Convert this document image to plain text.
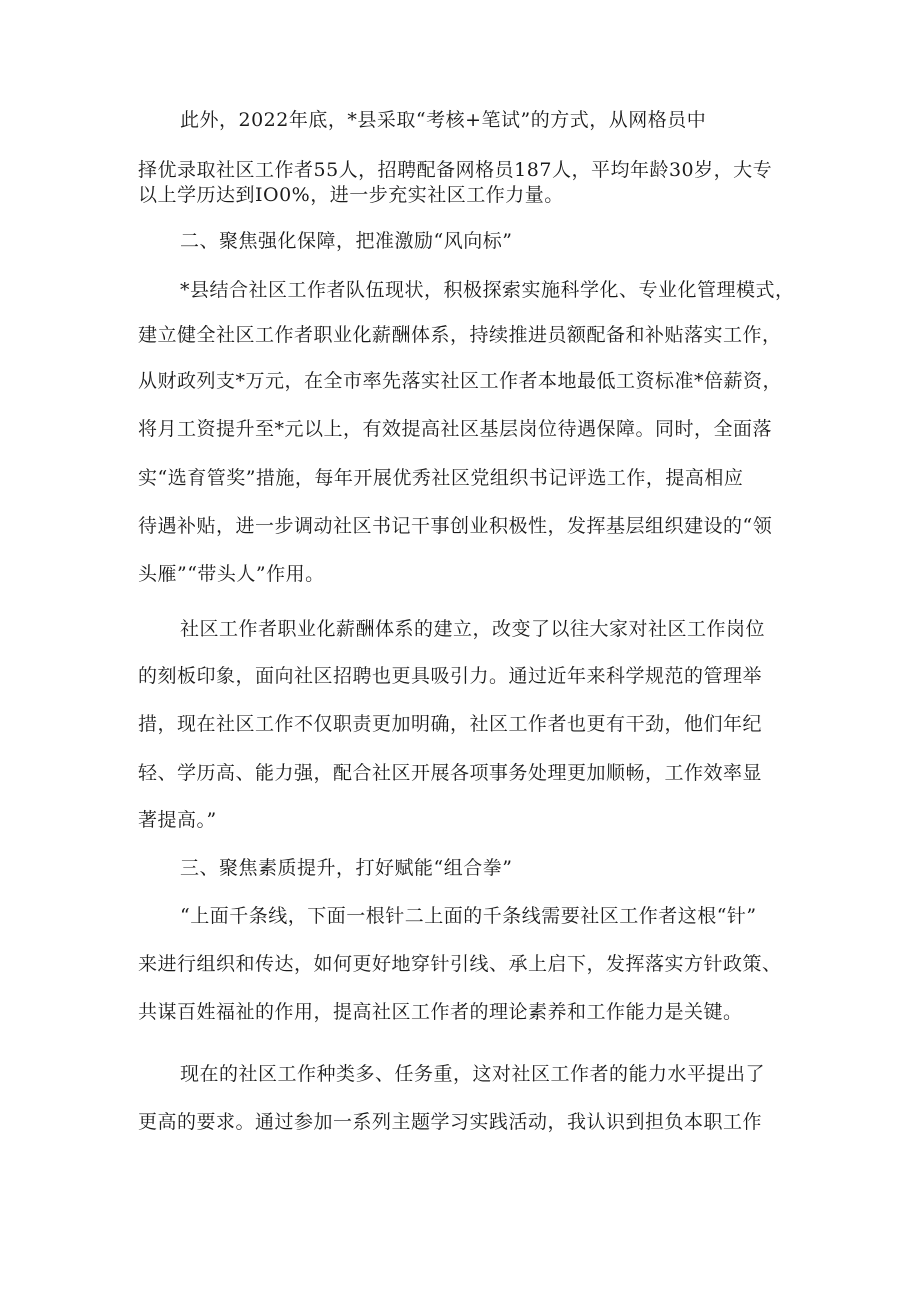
此外，2022年底，*县采取“考核+笔试”的方式，从网格员中
择优录取社区工作者55人，招聘配备网格员187人，平均年龄30岁，大专
以上学历达到IO0%，进一步充实社区工作力量。
二、聚焦强化保障，把准激励“风向标”
*县结合社区工作者队伍现状，积极探索实施科学化、专业化管理模式，
建立健全社区工作者职业化薪酬体系，持续推进员额配备和补贴落实工作，
从财政列支*万元，在全市率先落实社区工作者本地最低工资标准*倍薪资，
将月工资提升至*元以上，有效提高社区基层岗位待遇保障。同时，全面落
实“选育管奖”措施，每年开展优秀社区党组织书记评选工作，提高相应
待遇补贴，进一步调动社区书记干事创业积极性，发挥基层组织建设的“领
头雁”“带头人”作用。
社区工作者职业化薪酬体系的建立，改变了以往大家对社区工作岗位
的刻板印象，面向社区招聘也更具吸引力。通过近年来科学规范的管理举
措，现在社区工作不仅职责更加明确，社区工作者也更有干劲，他们年纪
轻、学历高、能力强，配合社区开展各项事务处理更加顺畅，工作效率显
著提高。”
三、聚焦素质提升，打好赋能“组合拳”
“上面千条线，下面一根针二上面的千条线需要社区工作者这根“针”
来进行组织和传达，如何更好地穿针引线、承上启下，发挥落实方针政策、
共谋百姓福祉的作用，提高社区工作者的理论素养和工作能力是关键。
现在的社区工作种类多、任务重，这对社区工作者的能力水平提出了
更高的要求。通过参加一系列主题学习实践活动，我认识到担负本职工作
